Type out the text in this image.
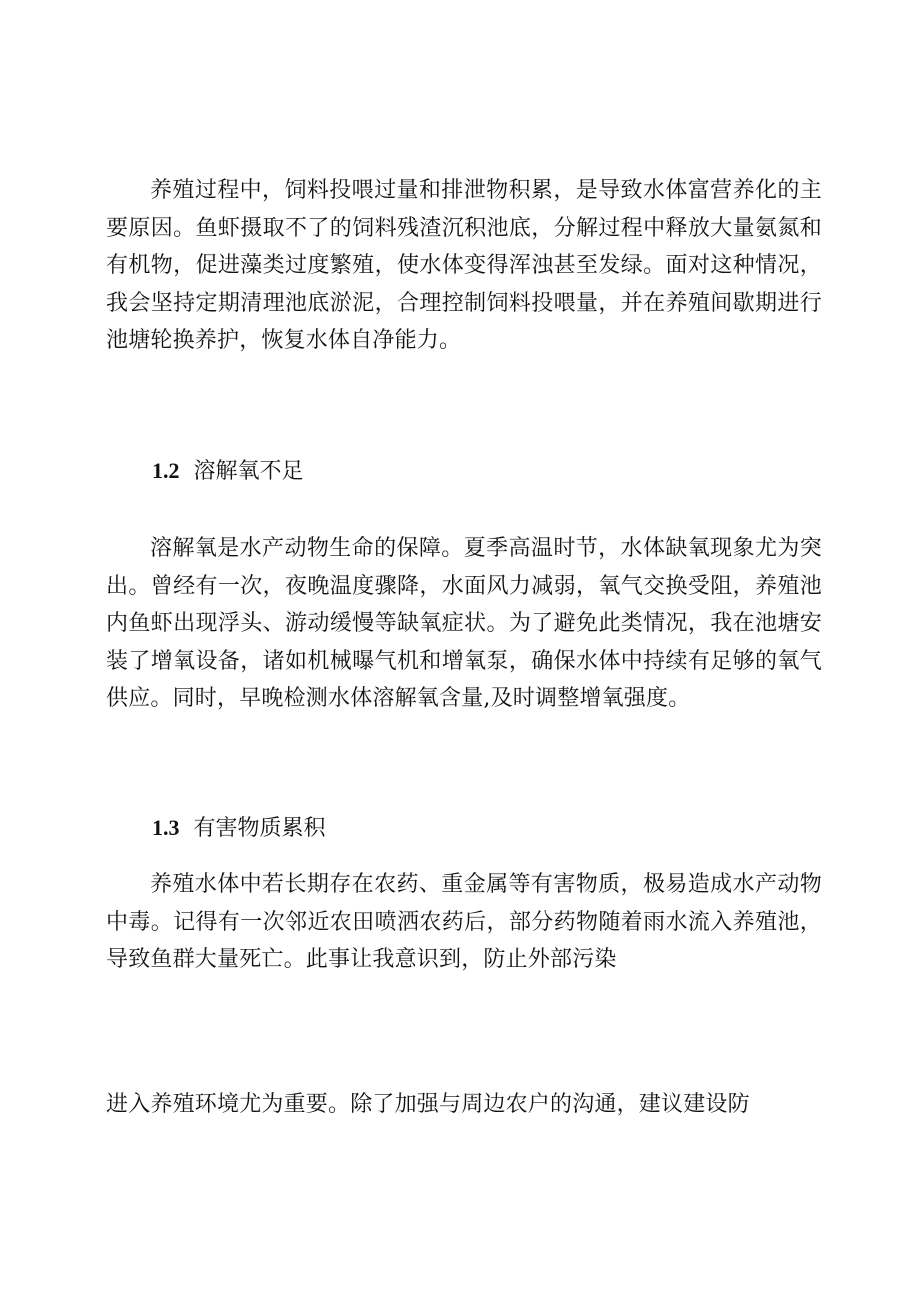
养殖过程中，饲料投喂过量和排泄物积累，是导致水体富营养化的主要原因。鱼虾摄取不了的饲料残渣沉积池底，分解过程中释放大量氨氮和有机物，促进藻类过度繁殖，使水体变得浑浊甚至发绿。面对这种情况，我会坚持定期清理池底淤泥，合理控制饲料投喂量，并在养殖间歇期进行池塘轮换养护，恢复水体自净能力。

1.2 溶解氧不足

溶解氧是水产动物生命的保障。夏季高温时节，水体缺氧现象尤为突出。曾经有一次，夜晚温度骤降，水面风力减弱，氧气交换受阻，养殖池内鱼虾出现浮头、游动缓慢等缺氧症状。为了避免此类情况，我在池塘安装了增氧设备，诸如机械曝气机和增氧泵，确保水体中持续有足够的氧气供应。同时，早晚检测水体溶解氧含量,及时调整增氧强度。

1.3 有害物质累积

养殖水体中若长期存在农药、重金属等有害物质，极易造成水产动物中毒。记得有一次邻近农田喷洒农药后，部分药物随着雨水流入养殖池，导致鱼群大量死亡。此事让我意识到，防止外部污染

进入养殖环境尤为重要。除了加强与周边农户的沟通，建议建设防
